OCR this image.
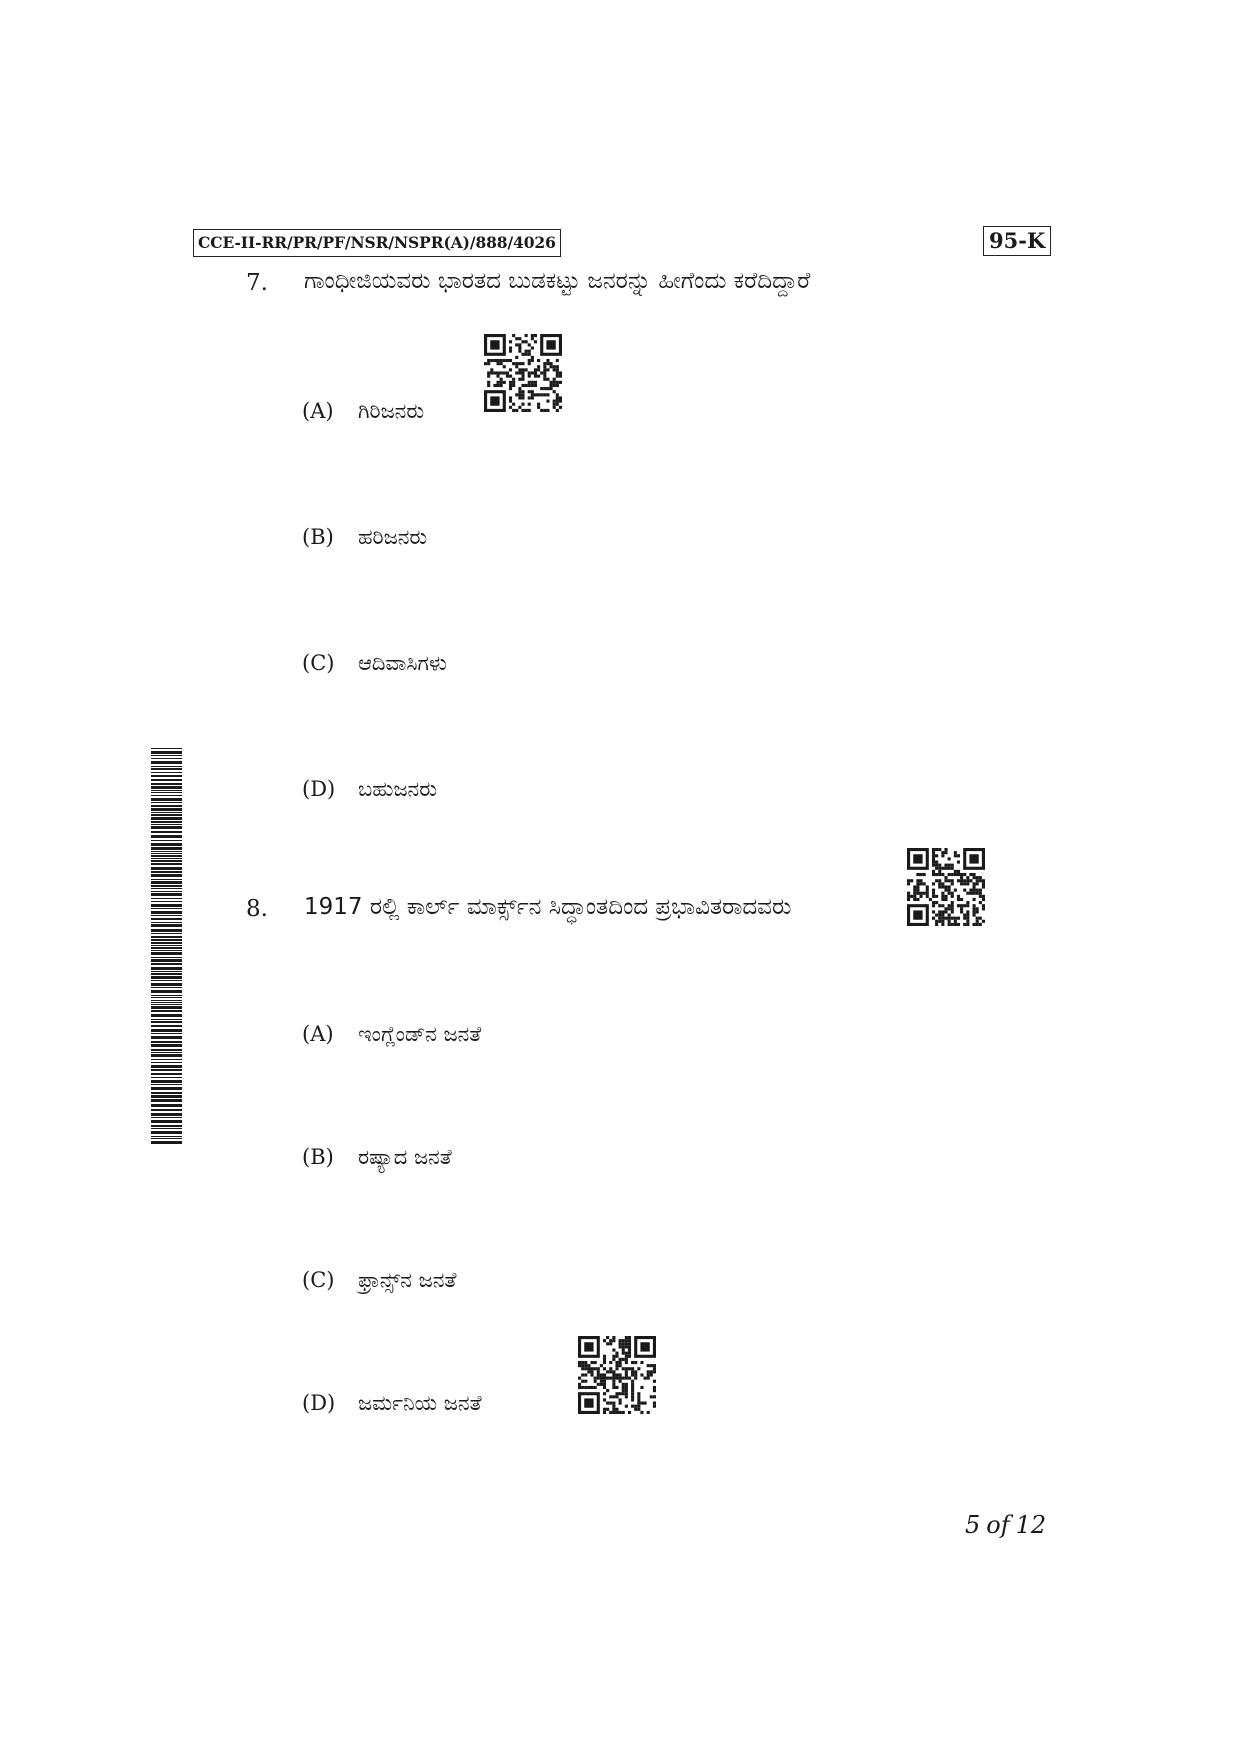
CCE-II-RR/PR/PF/NSR/NSPR(A)/888/4026	95-K
7. ಗಾಂಧೀಜಿಯವರು ಭಾರತದ ಬುಡಕಟ್ಟು ಜನರನ್ನು ಹೀಗೆಂದು ಕರೆದಿದ್ದಾರೆ
(A) ಗಿರಿಜನರು
(B) ಹರಿಜನರು
(C) ಆದಿವಾಸಿಗಳು
(D) ಬಹುಜನರು
8. 1917 ರಲ್ಲಿ ಕಾರ್ಲ್ ಮಾರ್ಕ್ಸ್‌ನ ಸಿದ್ಧಾಂತದಿಂದ ಪ್ರಭಾವಿತರಾದವರು
(A) ಇಂಗ್ಲೆಂಡ್‌ನ ಜನತೆ
(B) ರಷ್ಯಾದ ಜನತೆ
(C) ಫ್ರಾನ್ಸ್‌ನ ಜನತೆ
(D) ಜರ್ಮನಿಯ ಜನತೆ
5 of 12
